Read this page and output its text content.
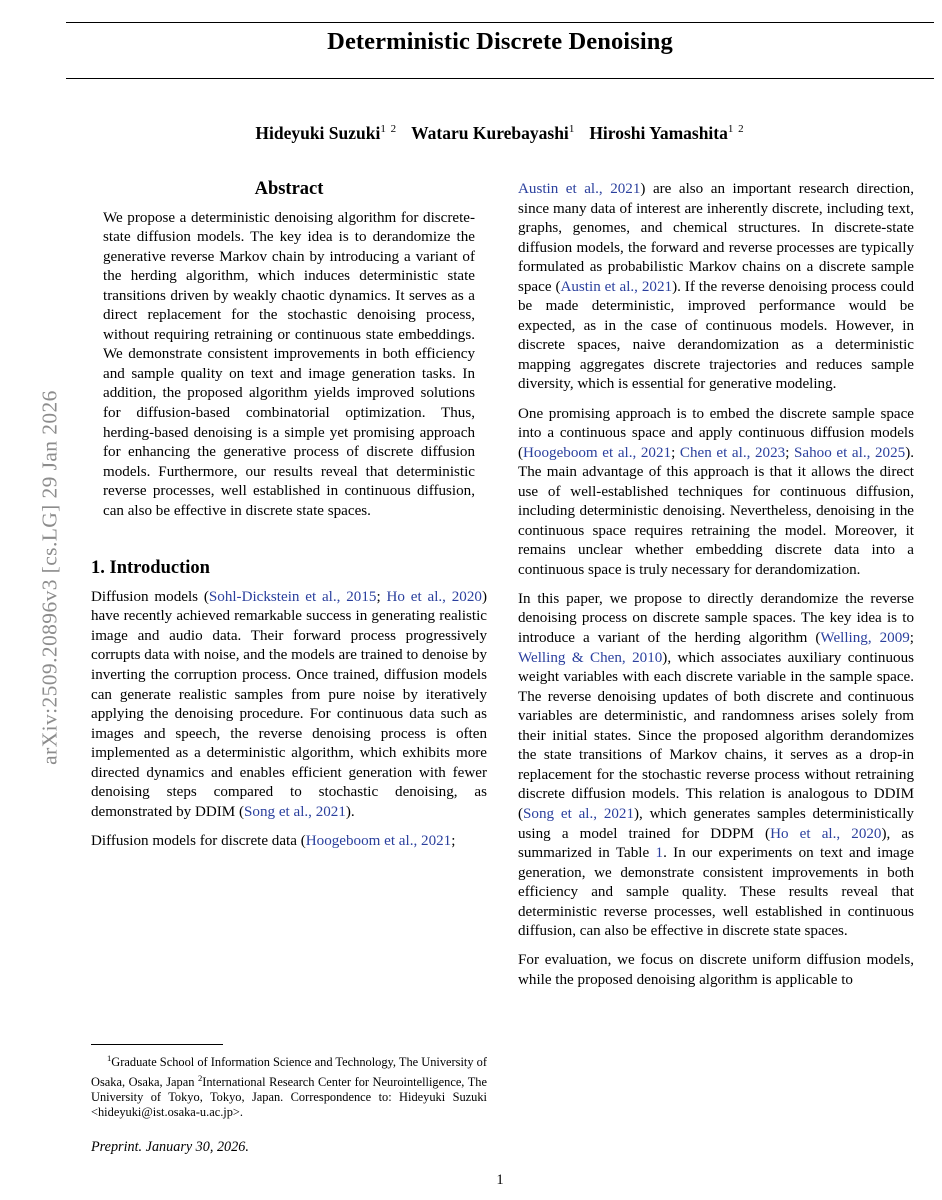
arXiv:2509.20896v3 [cs.LG] 29 Jan 2026
Deterministic Discrete Denoising
Hideyuki Suzuki$^{1 2}$ Wataru Kurebayashi$^1$ Hiroshi Yamashita$^{1 2}$
Abstract

We propose a deterministic denoising algorithm for discrete-state diffusion models. The key idea is to derandomize the generative reverse Markov chain by introducing a variant of the herding algorithm, which induces deterministic state transitions driven by weakly chaotic dynamics. It serves as a direct replacement for the stochastic denoising process, without requiring retraining or continuous state embeddings. We demonstrate consistent improvements in both efficiency and sample quality on text and image generation tasks. In addition, the proposed algorithm yields improved solutions for diffusion-based combinatorial optimization. Thus, herding-based denoising is a simple yet promising approach for enhancing the generative process of discrete diffusion models. Furthermore, our results reveal that deterministic reverse processes, well established in continuous diffusion, can also be effective in discrete state spaces.

1. Introduction

Diffusion models (Sohl-Dickstein et al., 2015; Ho et al., 2020) have recently achieved remarkable success in generating realistic image and audio data. Their forward process progressively corrupts data with noise, and the models are trained to denoise by inverting the corruption process. Once trained, diffusion models can generate realistic samples from pure noise by iteratively applying the denoising procedure. For continuous data such as images and speech, the reverse denoising process is often implemented as a deterministic algorithm, which exhibits more directed dynamics and enables efficient generation with fewer denoising steps compared to stochastic denoising, as demonstrated by DDIM (Song et al., 2021).

Diffusion models for discrete data (Hoogeboom et al., 2021;

Austin et al., 2021) are also an important research direction, since many data of interest are inherently discrete, including text, graphs, genomes, and chemical structures. In discrete-state diffusion models, the forward and reverse processes are typically formulated as probabilistic Markov chains on a discrete sample space (Austin et al., 2021). If the reverse denoising process could be made deterministic, improved performance would be expected, as in the case of continuous models. However, in discrete spaces, naive derandomization as a deterministic mapping aggregates discrete trajectories and reduces sample diversity, which is essential for generative modeling.

One promising approach is to embed the discrete sample space into a continuous space and apply continuous diffusion models (Hoogeboom et al., 2021; Chen et al., 2023; Sahoo et al., 2025). The main advantage of this approach is that it allows the direct use of well-established techniques for continuous diffusion, including deterministic denoising. Nevertheless, denoising in the continuous space requires retraining the model. Moreover, it remains unclear whether embedding discrete data into a continuous space is truly necessary for derandomization.

In this paper, we propose to directly derandomize the reverse denoising process on discrete sample spaces. The key idea is to introduce a variant of the herding algorithm (Welling, 2009; Welling & Chen, 2010), which associates auxiliary continuous weight variables with each discrete variable in the sample space. The reverse denoising updates of both discrete and continuous variables are deterministic, and randomness arises solely from their initial states. Since the proposed algorithm derandomizes the state transitions of Markov chains, it serves as a drop-in replacement for the stochastic reverse process without retraining discrete diffusion models. This relation is analogous to DDIM (Song et al., 2021), which generates samples deterministically using a model trained for DDPM (Ho et al., 2020), as summarized in Table 1. In our experiments on text and image generation, we demonstrate consistent improvements in both efficiency and sample quality. These results reveal that deterministic reverse processes, well established in continuous diffusion, can also be effective in discrete state spaces.

For evaluation, we focus on discrete uniform diffusion models, while the proposed denoising algorithm is applicable to

$^1$Graduate School of Information Science and Technology, The University of Osaka, Osaka, Japan $^2$International Research Center for Neurointelligence, The University of Tokyo, Tokyo, Japan. Correspondence to: Hideyuki Suzuki <hideyuki@ist.osaka-u.ac.jp>.

Preprint. January 30, 2026.
1
